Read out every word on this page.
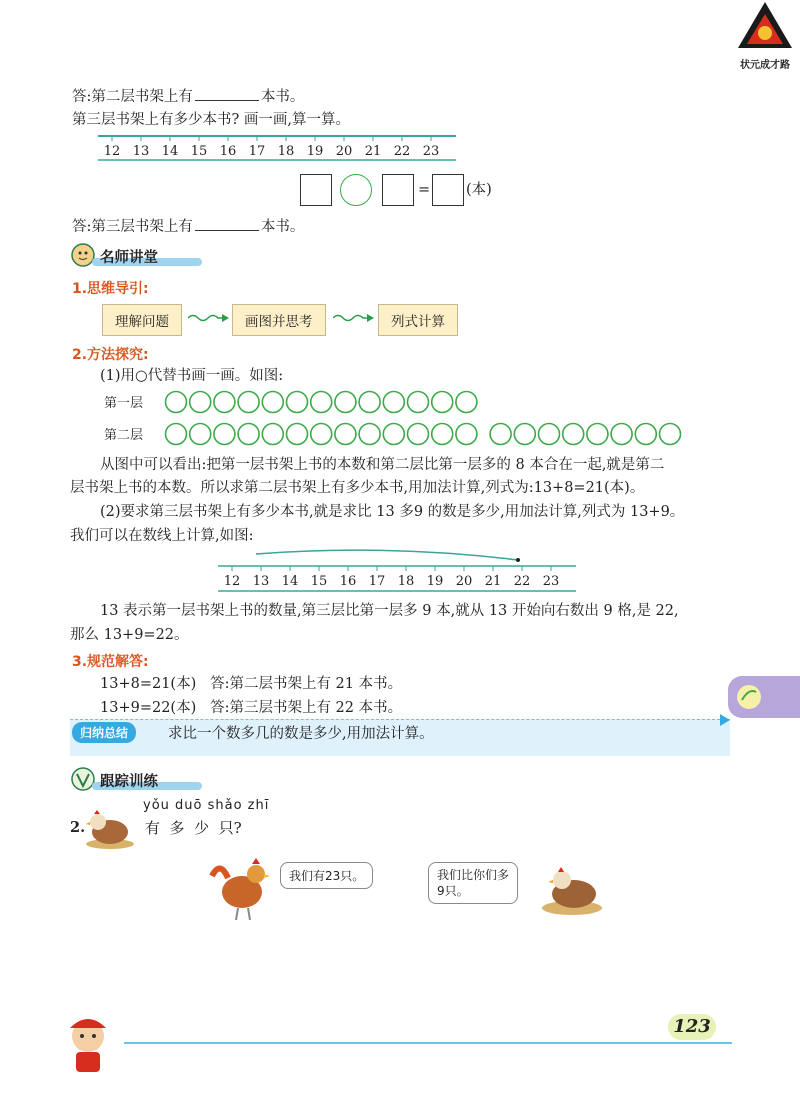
状元成才路
答:第二层书架上有	本书。
第三层书架上有多少本书? 画一画,算一算。
12 13 14 15 16 17 18 19 20 21 22 23
= (本)
答:第三层书架上有	本书。
名师讲堂
1.思维导引:
理解问题	画图并思考	列式计算
2.方法探究:
(1)用○代替书画一画。如图:
第一层
第二层
从图中可以看出:把第一层书架上书的本数和第二层比第一层多的 8 本合在一起,就是第二
层书架上书的本数。所以求第二层书架上有多少本书,用加法计算,列式为:13+8=21(本)。
(2)要求第三层书架上有多少本书,就是求比 13 多9 的数是多少,用加法计算,列式为 13+9。
我们可以在数线上计算,如图:
12 13 14 15 16 17 18 19 20 21 22 23
13 表示第一层书架上书的数量,第三层比第一层多 9 本,就从 13 开始向右数出 9 格,是 22,
那么 13+9=22。
3.规范解答:
13+8=21(本)   答:第二层书架上有 21 本书。
13+9=22(本)   答:第三层书架上有 22 本书。
归纳总结	求比一个数多几的数是多少,用加法计算。
跟踪训练
2.
yǒu duō shǎo zhī
有  多  少  只?
我们有23只。	我们比你们多
9只。
123
